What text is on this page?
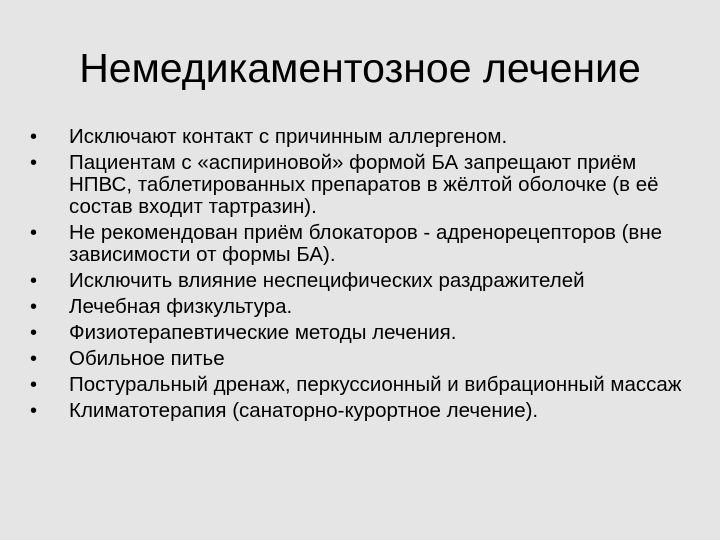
Немедикаментозное лечение
•	Исключают контакт с причинным аллергеном.
•	Пациентам с «аспириновой» формой БА запрещают приём НПВС, таблетированных препаратов в жёлтой оболочке (в её состав входит тартразин).
•	Не рекомендован приём блокаторов - адренорецепторов (вне зависимости от формы БА).
•	Исключить влияние неспецифических раздражителей
•	Лечебная физкультура.
•	Физиотерапевтические методы лечения.
•	Обильное питье
•	Постуральный дренаж, перкуссионный и вибрационный массаж
•	Климатотерапия (санаторно-курортное лечение).
